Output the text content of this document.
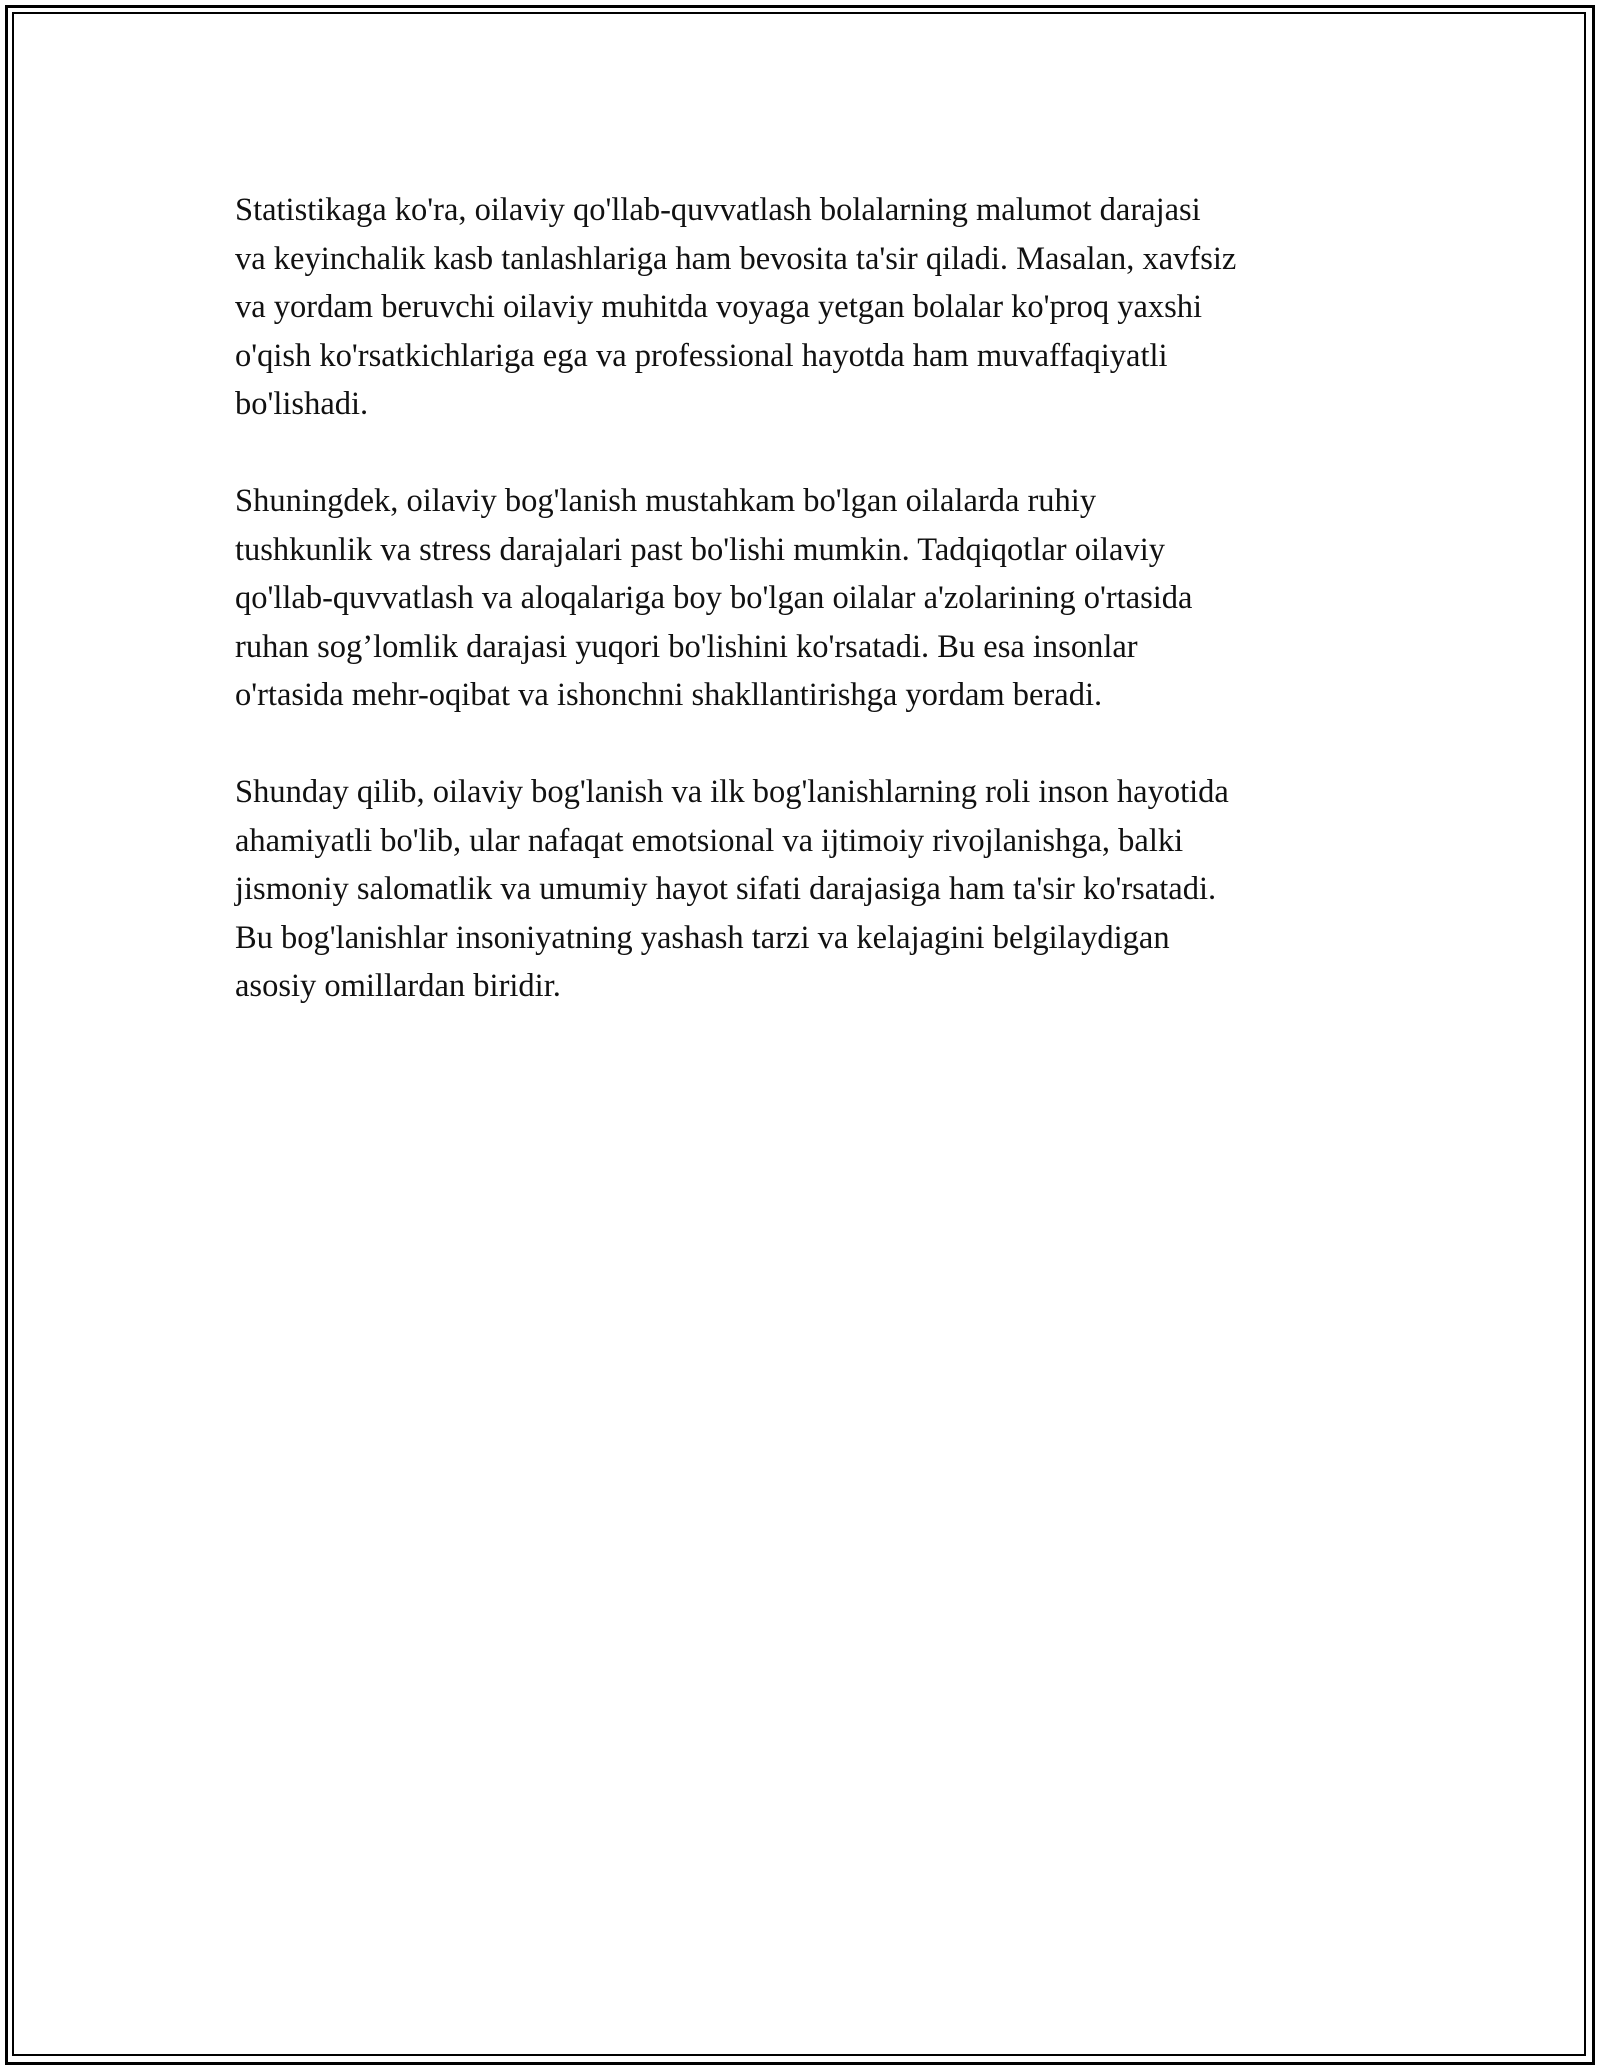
Statistikaga ko'ra, oilaviy qo'llab-quvvatlash bolalarning malumot darajasi
va keyinchalik kasb tanlashlariga ham bevosita ta'sir qiladi. Masalan, xavfsiz
va yordam beruvchi oilaviy muhitda voyaga yetgan bolalar ko'proq yaxshi
o'qish ko'rsatkichlariga ega va professional hayotda ham muvaffaqiyatli
bo'lishadi.

Shuningdek, oilaviy bog'lanish mustahkam bo'lgan oilalarda ruhiy
tushkunlik va stress darajalari past bo'lishi mumkin. Tadqiqotlar oilaviy
qo'llab-quvvatlash va aloqalariga boy bo'lgan oilalar a'zolarining o'rtasida
ruhan sog’lomlik darajasi yuqori bo'lishini ko'rsatadi. Bu esa insonlar
o'rtasida mehr-oqibat va ishonchni shakllantirishga yordam beradi.

Shunday qilib, oilaviy bog'lanish va ilk bog'lanishlarning roli inson hayotida
ahamiyatli bo'lib, ular nafaqat emotsional va ijtimoiy rivojlanishga, balki
jismoniy salomatlik va umumiy hayot sifati darajasiga ham ta'sir ko'rsatadi.
Bu bog'lanishlar insoniyatning yashash tarzi va kelajagini belgilaydigan
asosiy omillardan biridir.
